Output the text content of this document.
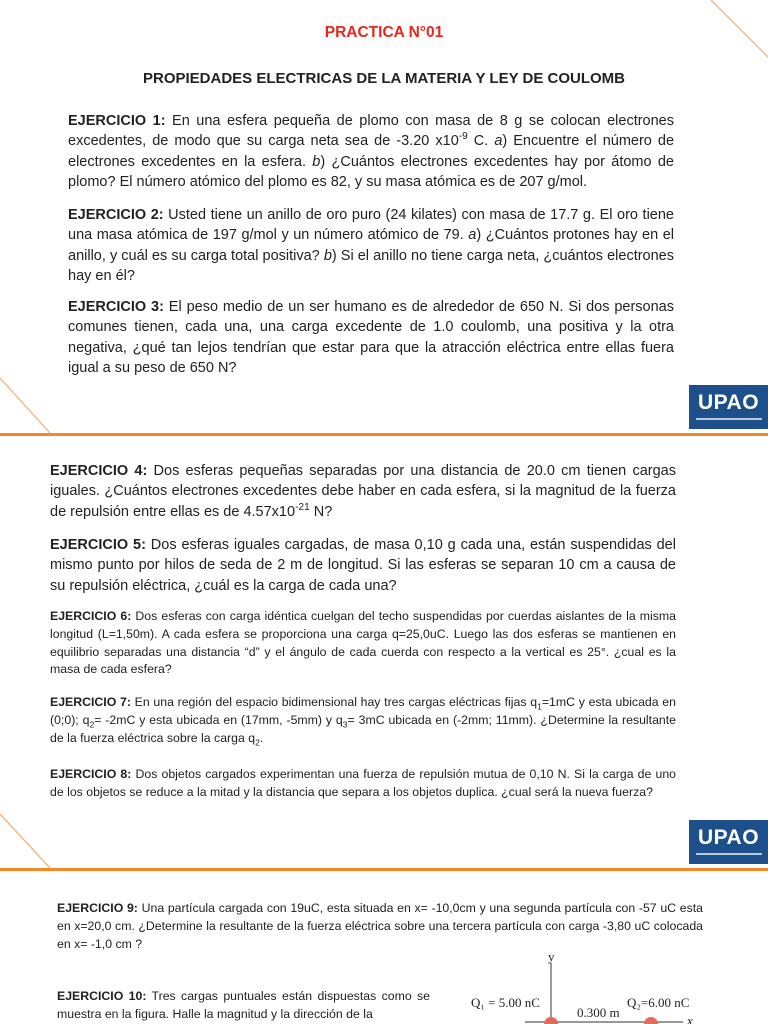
PRACTICA N°01
PROPIEDADES ELECTRICAS DE LA MATERIA Y LEY DE COULOMB
EJERCICIO 1: En una esfera pequeña de plomo con masa de 8 g se colocan electrones excedentes, de modo que su carga neta sea de -3.20 $x10^{-9}$ C. a) Encuentre el número de electrones excedentes en la esfera. b) ¿Cuántos electrones excedentes hay por átomo de plomo? El número atómico del plomo es 82, y su masa atómica es de 207 g/mol.
EJERCICIO 2: Usted tiene un anillo de oro puro (24 kilates) con masa de 17.7 g. El oro tiene una masa atómica de 197 g/mol y un número atómico de 79. a) ¿Cuántos protones hay en el anillo, y cuál es su carga total positiva? b) Si el anillo no tiene carga neta, ¿cuántos electrones hay en él?
EJERCICIO 3: El peso medio de un ser humano es de alrededor de 650 N. Si dos personas comunes tienen, cada una, una carga excedente de 1.0 coulomb, una positiva y la otra negativa, ¿qué tan lejos tendrían que estar para que la atracción eléctrica entre ellas fuera igual a su peso de 650 N?
UPAO
EJERCICIO 4: Dos esferas pequeñas separadas por una distancia de 20.0 cm tienen cargas iguales. ¿Cuántos electrones excedentes debe haber en cada esfera, si la magnitud de la fuerza de repulsión entre ellas es de $4.57x10^{-21}$ N?
EJERCICIO 5: Dos esferas iguales cargadas, de masa 0,10 g cada una, están suspendidas del mismo punto por hilos de seda de 2 m de longitud. Si las esferas se separan 10 cm a causa de su repulsión eléctrica, ¿cuál es la carga de cada una?
EJERCICIO 6: Dos esferas con carga idéntica cuelgan del techo suspendidas por cuerdas aislantes de la misma longitud (L=1,50m). A cada esfera se proporciona una carga q=25,0uC. Luego las dos esferas se mantienen en equilibrio separadas una distancia “d” y el ángulo de cada cuerda con respecto a la vertical es 25°. ¿cual es la masa de cada esfera?
EJERCICIO 7: En una región del espacio bidimensional hay tres cargas eléctricas fijas $q_1=1mC$ y esta ubicada en (0;0); $q_2= -2mC$ y esta ubicada en (17mm, -5mm) y $q_3= 3mC$ ubicada en (-2mm; 11mm). ¿Determine la resultante de la fuerza eléctrica sobre la carga $q_2$.
EJERCICIO 8: Dos objetos cargados experimentan una fuerza de repulsión mutua de 0,10 N. Si la carga de uno de los objetos se reduce a la mitad y la distancia que separa a los objetos duplica. ¿cual será la nueva fuerza?
UPAO
EJERCICIO 9: Una partícula cargada con 19uC, esta situada en x= -10,0cm y una segunda partícula con -57 uC esta en x=20,0 cm. ¿Determine la resultante de la fuerza eléctrica sobre una tercera partícula con carga -3,80 uC colocada en x= -1,0 cm ?
EJERCICIO 10: Tres cargas puntuales están dispuestas como se muestra en la figura. Halle la magnitud y la dirección de la
y
x
Q₁ = 5.00 nC	Q₂=6.00 nC
0.300 m
